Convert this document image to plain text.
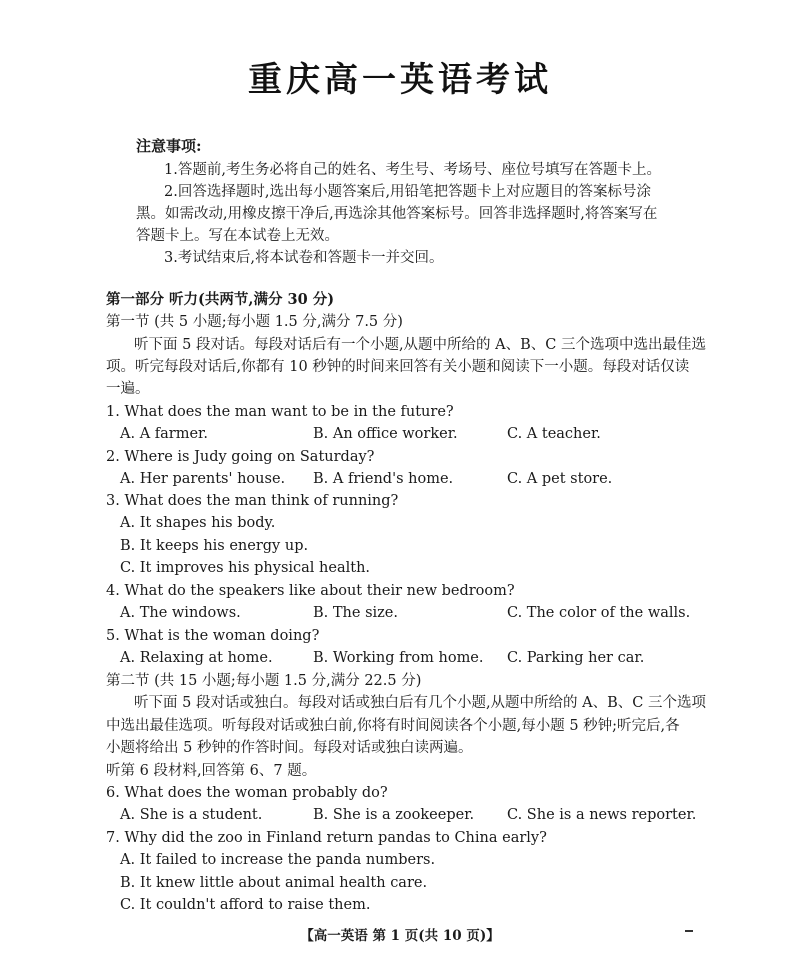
重庆高一英语考试
注意事项:
1.答题前,考生务必将自己的姓名、考生号、考场号、座位号填写在答题卡上。
2.回答选择题时,选出每小题答案后,用铅笔把答题卡上对应题目的答案标号涂
黑。如需改动,用橡皮擦干净后,再选涂其他答案标号。回答非选择题时,将答案写在
答题卡上。写在本试卷上无效。
3.考试结束后,将本试卷和答题卡一并交回。
第一部分 听力(共两节,满分 30 分)
第一节 (共 5 小题;每小题 1.5 分,满分 7.5 分)
听下面 5 段对话。每段对话后有一个小题,从题中所给的 A、B、C 三个选项中选出最佳选
项。听完每段对话后,你都有 10 秒钟的时间来回答有关小题和阅读下一小题。每段对话仅读
一遍。
1. What does the man want to be in the future?
A. A farmer.	B. An office worker.	C. A teacher.
2. Where is Judy going on Saturday?
A. Her parents' house. B. A friend's home.	C. A pet store.
3. What does the man think of running?
A. It shapes his body.
B. It keeps his energy up.
C. It improves his physical health.
4. What do the speakers like about their new bedroom?
A. The windows.	B. The size.	C. The color of the walls.
5. What is the woman doing?
A. Relaxing at home.	B. Working from home. C. Parking her car.
第二节 (共 15 小题;每小题 1.5 分,满分 22.5 分)
听下面 5 段对话或独白。每段对话或独白后有几个小题,从题中所给的 A、B、C 三个选项
中选出最佳选项。听每段对话或独白前,你将有时间阅读各个小题,每小题 5 秒钟;听完后,各
小题将给出 5 秒钟的作答时间。每段对话或独白读两遍。
听第 6 段材料,回答第 6、7 题。
6. What does the woman probably do?
A. She is a student.	B. She is a zookeeper. C. She is a news reporter.
7. Why did the zoo in Finland return pandas to China early?
A. It failed to increase the panda numbers.
B. It knew little about animal health care.
C. It couldn't afford to raise them.
【高一英语 第 1 页(共 10 页)】
